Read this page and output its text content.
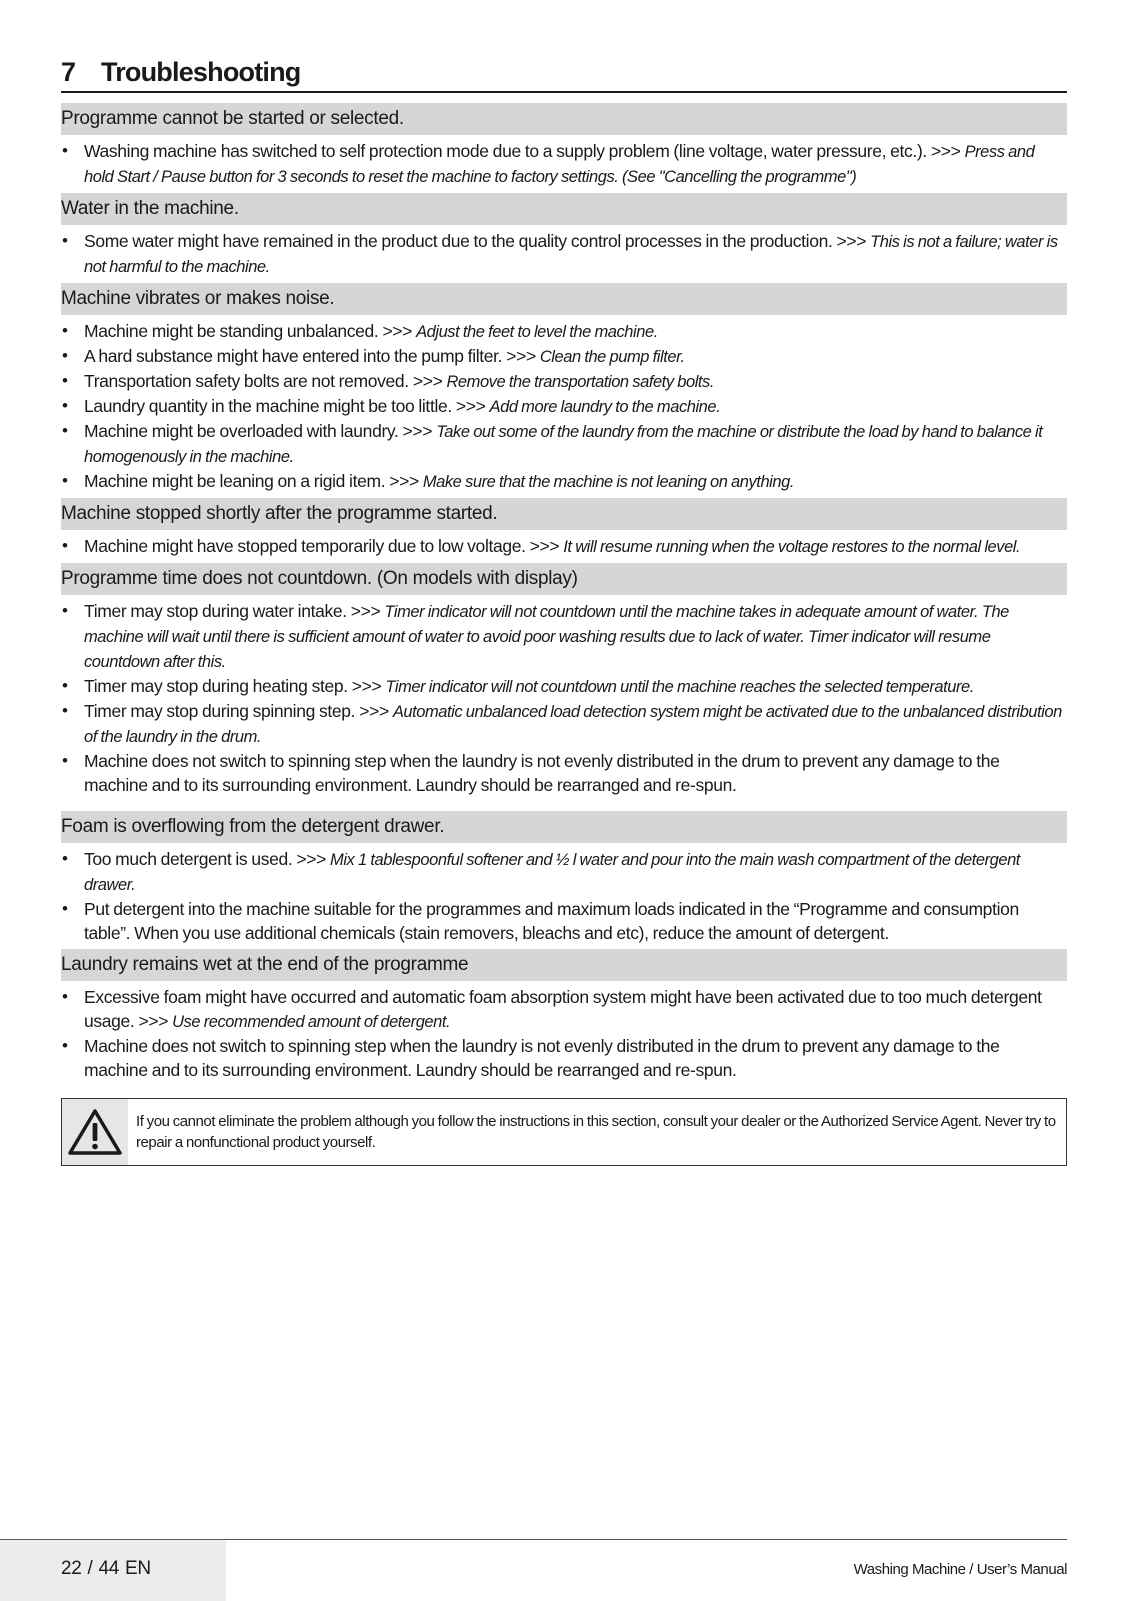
7 Troubleshooting
Programme cannot be started or selected.
• Washing machine has switched to self protection mode due to a supply problem (line voltage, water pressure, etc.). >>> Press and hold Start / Pause button for 3 seconds to reset the machine to factory settings. (See "Cancelling the programme")
Water in the machine.
• Some water might have remained in the product due to the quality control processes in the production. >>> This is not a failure; water is not harmful to the machine.
Machine vibrates or makes noise.
• Machine might be standing unbalanced. >>> Adjust the feet to level the machine.
• A hard substance might have entered into the pump filter. >>> Clean the pump filter.
• Transportation safety bolts are not removed. >>> Remove the transportation safety bolts.
• Laundry quantity in the machine might be too little. >>> Add more laundry to the machine.
• Machine might be overloaded with laundry. >>> Take out some of the laundry from the machine or distribute the load by hand to balance it homogenously in the machine.
• Machine might be leaning on a rigid item. >>> Make sure that the machine is not leaning on anything.
Machine stopped shortly after the programme started.
• Machine might have stopped temporarily due to low voltage. >>> It will resume running when the voltage restores to the normal level.
Programme time does not countdown. (On models with display)
• Timer may stop during water intake. >>> Timer indicator will not countdown until the machine takes in adequate amount of water. The machine will wait until there is sufficient amount of water to avoid poor washing results due to lack of water. Timer indicator will resume countdown after this.
• Timer may stop during heating step. >>> Timer indicator will not countdown until the machine reaches the selected temperature.
• Timer may stop during spinning step. >>> Automatic unbalanced load detection system might be activated due to the unbalanced distribution of the laundry in the drum.
• Machine does not switch to spinning step when the laundry is not evenly distributed in the drum to prevent any damage to the machine and to its surrounding environment. Laundry should be rearranged and re-spun.
Foam is overflowing from the detergent drawer.
• Too much detergent is used. >>> Mix 1 tablespoonful softener and ½ l water and pour into the main wash compartment of the detergent drawer.
• Put detergent into the machine suitable for the programmes and maximum loads indicated in the “Programme and consumption table”. When you use additional chemicals (stain removers, bleachs and etc), reduce the amount of detergent.
Laundry remains wet at the end of the programme
• Excessive foam might have occurred and automatic foam absorption system might have been activated due to too much detergent usage. >>> Use recommended amount of detergent.
• Machine does not switch to spinning step when the laundry is not evenly distributed in the drum to prevent any damage to the machine and to its surrounding environment. Laundry should be rearranged and re-spun.
If you cannot eliminate the problem although you follow the instructions in this section, consult your dealer or the Authorized Service Agent. Never try to repair a nonfunctional product yourself.
22 / 44 EN	Washing Machine / User’s Manual
